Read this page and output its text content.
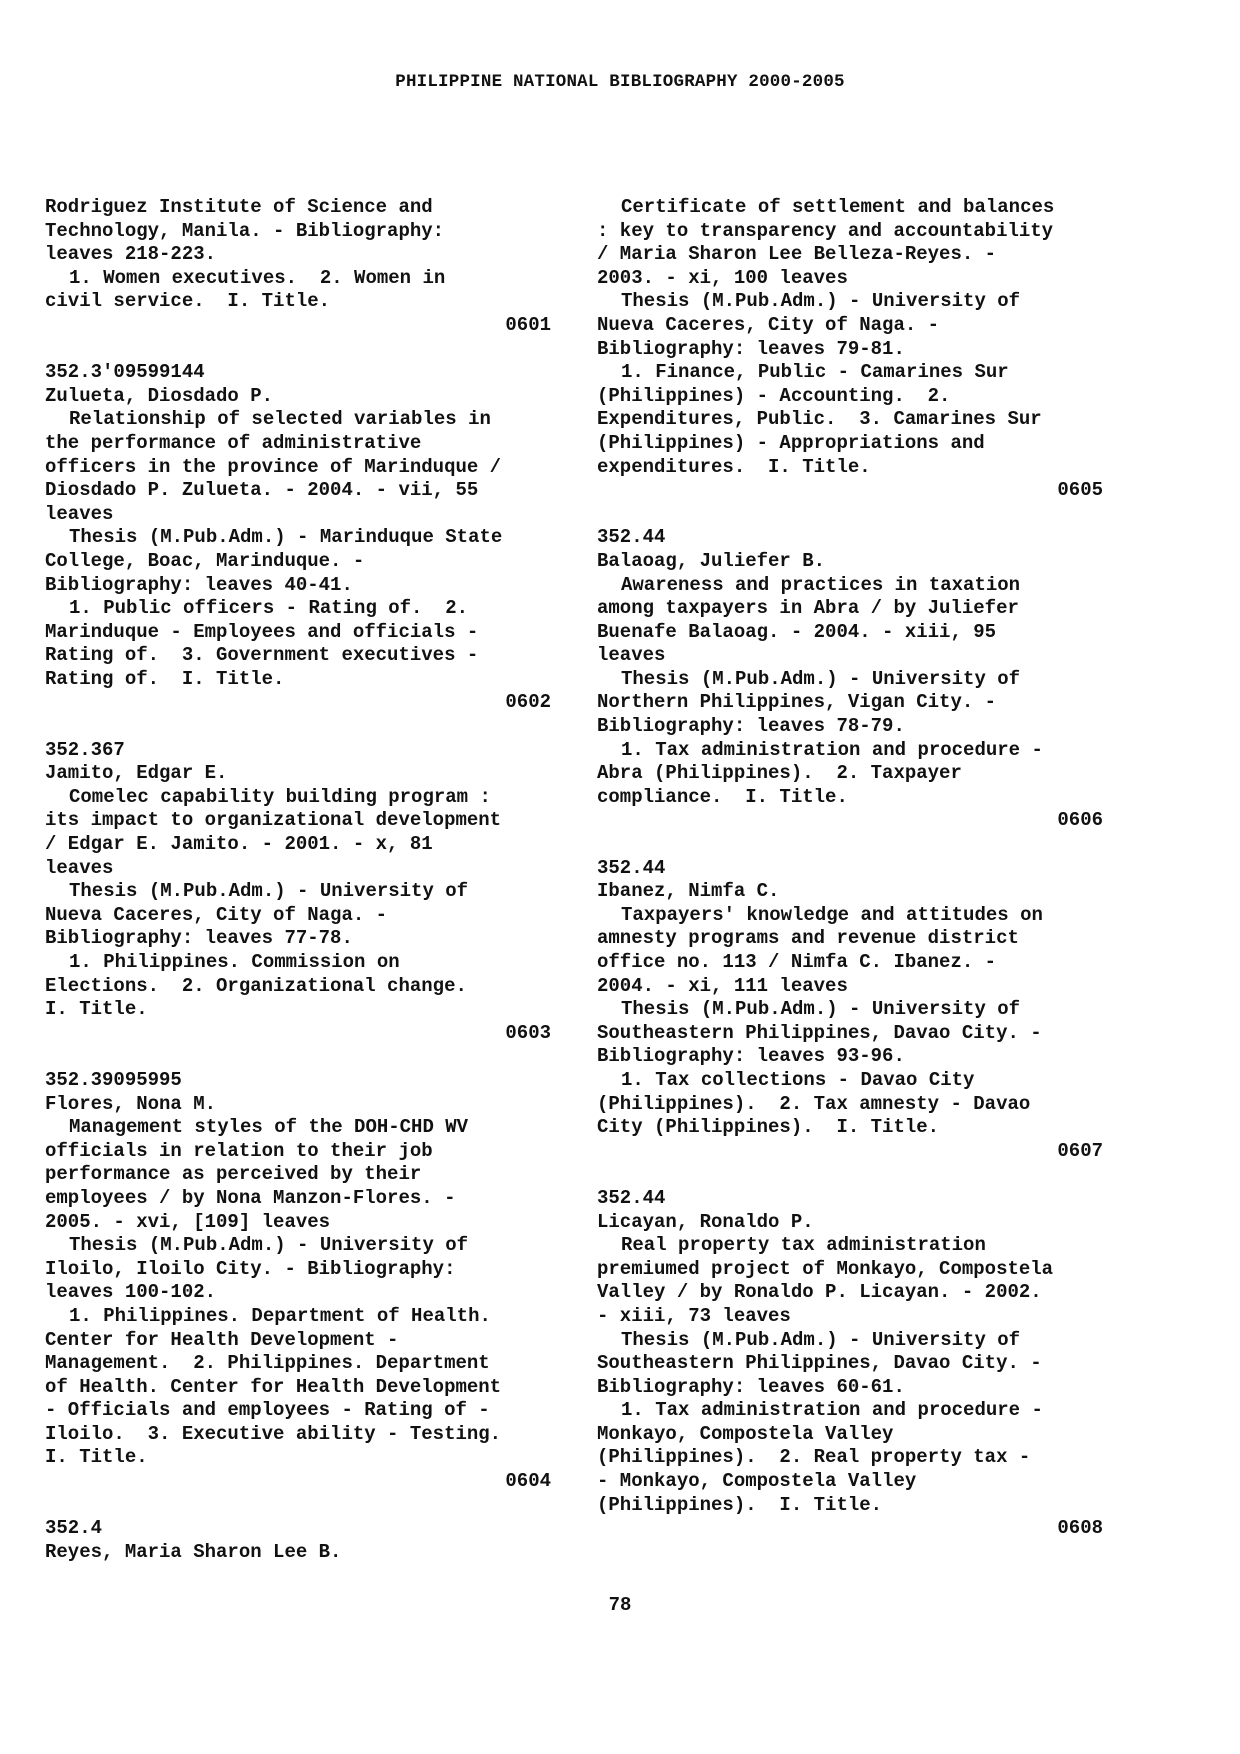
PHILIPPINE NATIONAL BIBLIOGRAPHY 2000-2005
Rodriguez Institute of Science and
Technology, Manila. - Bibliography:
leaves 218-223.
1. Women executives.  2. Women in
civil service.  I. Title.
0601
352.3'09599144
Zulueta, Diosdado P.
Relationship of selected variables in
the performance of administrative
officers in the province of Marinduque /
Diosdado P. Zulueta. - 2004. - vii, 55
leaves
Thesis (M.Pub.Adm.) - Marinduque State
College, Boac, Marinduque. -
Bibliography: leaves 40-41.
1. Public officers - Rating of.  2.
Marinduque - Employees and officials -
Rating of.  3. Government executives -
Rating of.  I. Title.
0602
352.367
Jamito, Edgar E.
Comelec capability building program :
its impact to organizational development
/ Edgar E. Jamito. - 2001. - x, 81
leaves
Thesis (M.Pub.Adm.) - University of
Nueva Caceres, City of Naga. -
Bibliography: leaves 77-78.
1. Philippines. Commission on
Elections.  2. Organizational change.
I. Title.
0603
352.39095995
Flores, Nona M.
Management styles of the DOH-CHD WV
officials in relation to their job
performance as perceived by their
employees / by Nona Manzon-Flores. -
2005. - xvi, [109] leaves
Thesis (M.Pub.Adm.) - University of
Iloilo, Iloilo City. - Bibliography:
leaves 100-102.
1. Philippines. Department of Health.
Center for Health Development -
Management.  2. Philippines. Department
of Health. Center for Health Development
- Officials and employees - Rating of -
Iloilo.  3. Executive ability - Testing.
I. Title.
0604
352.4
Reyes, Maria Sharon Lee B.
Certificate of settlement and balances
: key to transparency and accountability
/ Maria Sharon Lee Belleza-Reyes. -
2003. - xi, 100 leaves
Thesis (M.Pub.Adm.) - University of
Nueva Caceres, City of Naga. -
Bibliography: leaves 79-81.
1. Finance, Public - Camarines Sur
(Philippines) - Accounting.  2.
Expenditures, Public.  3. Camarines Sur
(Philippines) - Appropriations and
expenditures.  I. Title.
0605
352.44
Balaoag, Juliefer B.
Awareness and practices in taxation
among taxpayers in Abra / by Juliefer
Buenafe Balaoag. - 2004. - xiii, 95
leaves
Thesis (M.Pub.Adm.) - University of
Northern Philippines, Vigan City. -
Bibliography: leaves 78-79.
1. Tax administration and procedure -
Abra (Philippines).  2. Taxpayer
compliance.  I. Title.
0606
352.44
Ibanez, Nimfa C.
Taxpayers' knowledge and attitudes on
amnesty programs and revenue district
office no. 113 / Nimfa C. Ibanez. -
2004. - xi, 111 leaves
Thesis (M.Pub.Adm.) - University of
Southeastern Philippines, Davao City. -
Bibliography: leaves 93-96.
1. Tax collections - Davao City
(Philippines).  2. Tax amnesty - Davao
City (Philippines).  I. Title.
0607
352.44
Licayan, Ronaldo P.
Real property tax administration
premiumed project of Monkayo, Compostela
Valley / by Ronaldo P. Licayan. - 2002.
- xiii, 73 leaves
Thesis (M.Pub.Adm.) - University of
Southeastern Philippines, Davao City. -
Bibliography: leaves 60-61.
1. Tax administration and procedure -
Monkayo, Compostela Valley
(Philippines).  2. Real property tax -
- Monkayo, Compostela Valley
(Philippines).  I. Title.
0608
78
